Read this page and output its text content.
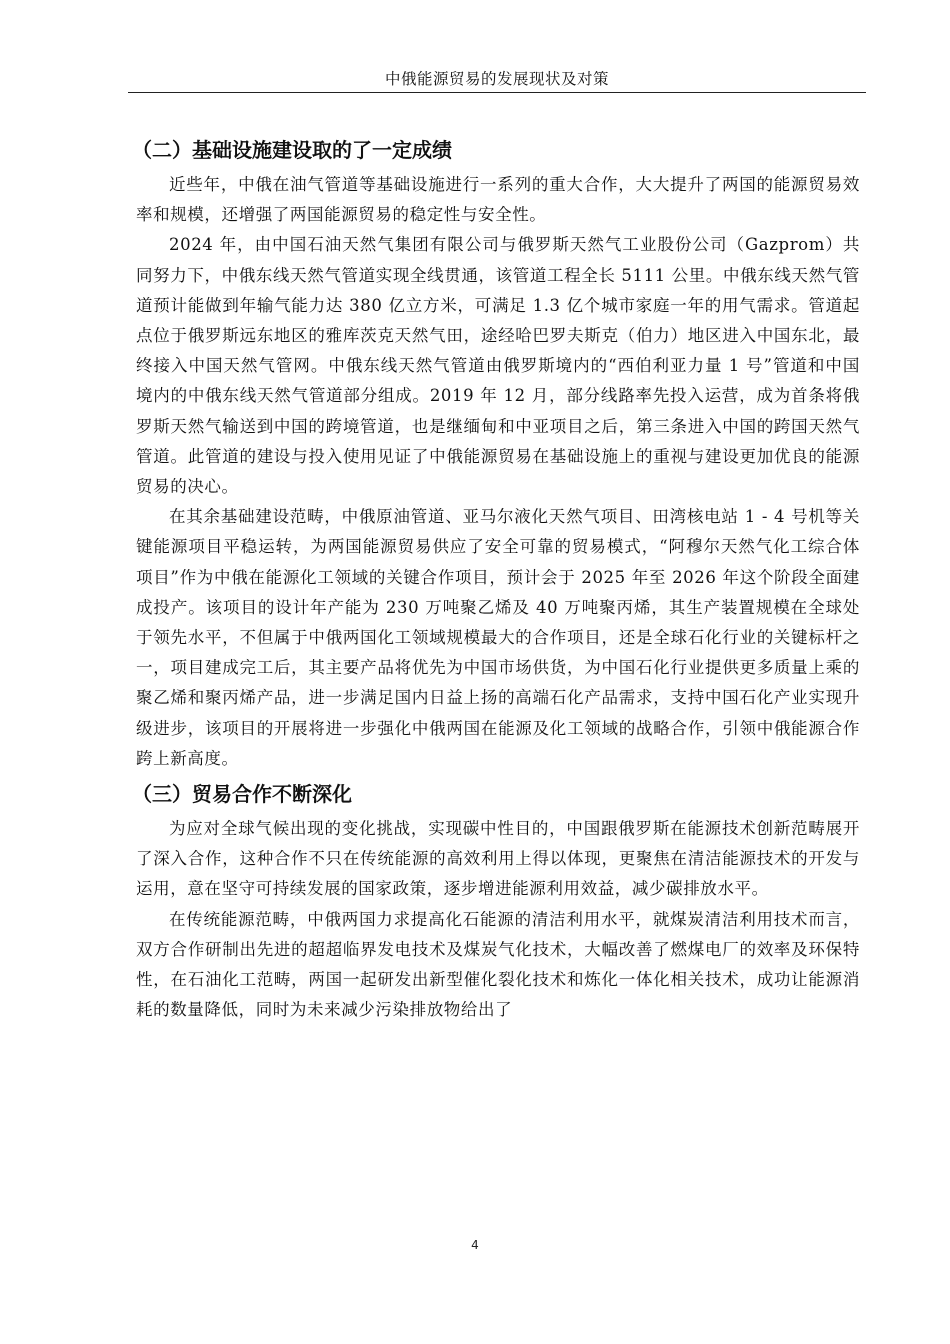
中俄能源贸易的发展现状及对策
（二）基础设施建设取的了一定成绩

近些年，中俄在油气管道等基础设施进行一系列的重大合作，大大提升了两国的能源贸易效率和规模，还增强了两国能源贸易的稳定性与安全性。

2024 年，由中国石油天然气集团有限公司与俄罗斯天然气工业股份公司（Gazprom）共同努力下，中俄东线天然气管道实现全线贯通，该管道工程全长 5111 公里。中俄东线天然气管道预计能做到年输气能力达 380 亿立方米，可满足 1.3 亿个城市家庭一年的用气需求。管道起点位于俄罗斯远东地区的雅库茨克天然气田，途经哈巴罗夫斯克（伯力）地区进入中国东北，最终接入中国天然气管网。中俄东线天然气管道由俄罗斯境内的“西伯利亚力量 1 号”管道和中国境内的中俄东线天然气管道部分组成。2019 年 12 月，部分线路率先投入运营，成为首条将俄罗斯天然气输送到中国的跨境管道，也是继缅甸和中亚项目之后，第三条进入中国的跨国天然气管道。此管道的建设与投入使用见证了中俄能源贸易在基础设施上的重视与建设更加优良的能源贸易的决心。

在其余基础建设范畴，中俄原油管道、亚马尔液化天然气项目、田湾核电站 1 - 4 号机等关键能源项目平稳运转，为两国能源贸易供应了安全可靠的贸易模式，“阿穆尔天然气化工综合体项目”作为中俄在能源化工领域的关键合作项目，预计会于 2025 年至 2026 年这个阶段全面建成投产。该项目的设计年产能为 230 万吨聚乙烯及 40 万吨聚丙烯，其生产装置规模在全球处于领先水平，不但属于中俄两国化工领域规模最大的合作项目，还是全球石化行业的关键标杆之一，项目建成完工后，其主要产品将优先为中国市场供货，为中国石化行业提供更多质量上乘的聚乙烯和聚丙烯产品，进一步满足国内日益上扬的高端石化产品需求，支持中国石化产业实现升级进步，该项目的开展将进一步强化中俄两国在能源及化工领域的战略合作，引领中俄能源合作跨上新高度。

（三）贸易合作不断深化

为应对全球气候出现的变化挑战，实现碳中性目的，中国跟俄罗斯在能源技术创新范畴展开了深入合作，这种合作不只在传统能源的高效利用上得以体现，更聚焦在清洁能源技术的开发与运用，意在坚守可持续发展的国家政策，逐步增进能源利用效益，减少碳排放水平。

在传统能源范畴，中俄两国力求提高化石能源的清洁利用水平，就煤炭清洁利用技术而言，双方合作研制出先进的超超临界发电技术及煤炭气化技术，大幅改善了燃煤电厂的效率及环保特性，在石油化工范畴，两国一起研发出新型催化裂化技术和炼化一体化相关技术，成功让能源消耗的数量降低，同时为未来减少污染排放物给出了

4
